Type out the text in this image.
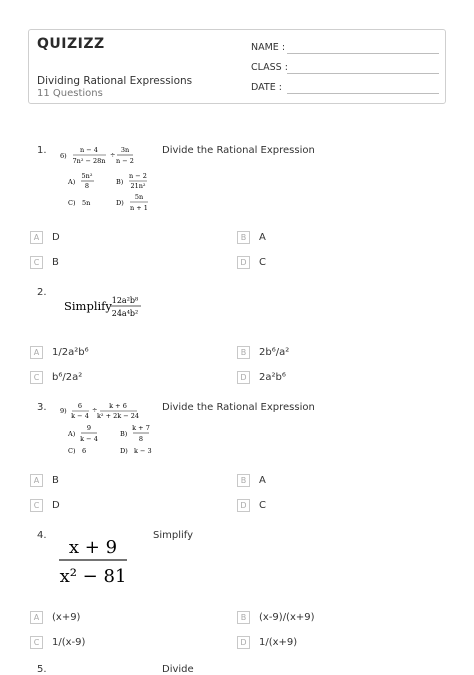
QUIZIZZ
Dividing Rational Expressions
11 Questions
NAME :
CLASS :
DATE :
1.	Divide the Rational Expression
6)
n − 4
7n² − 28n
÷
3n
n − 2
A)
5n²
8	B)
n − 2
21n²
C) 5n	D)
5n
n + 1
A	D	B	A
C	B	D	C
2.
Simplify 12a²b⁸
24a⁴b²
A	1/2a²b⁶	B	2b⁶/a²
C	b⁶/2a²	D	2a²b⁶
3.	Divide the Rational Expression
9)
6
k − 4
÷ k + 6
k² + 2k − 24
A)
9
k − 4
B)
k + 7
8
C) 6	D) k − 3
A	B	B	A
C	D	D	C
4.	Simplify
x + 9
x² − 81
A	(x+9)	B	(x-9)/(x+9)
C	1/(x-9)	D	1/(x+9)
5.	Divide
